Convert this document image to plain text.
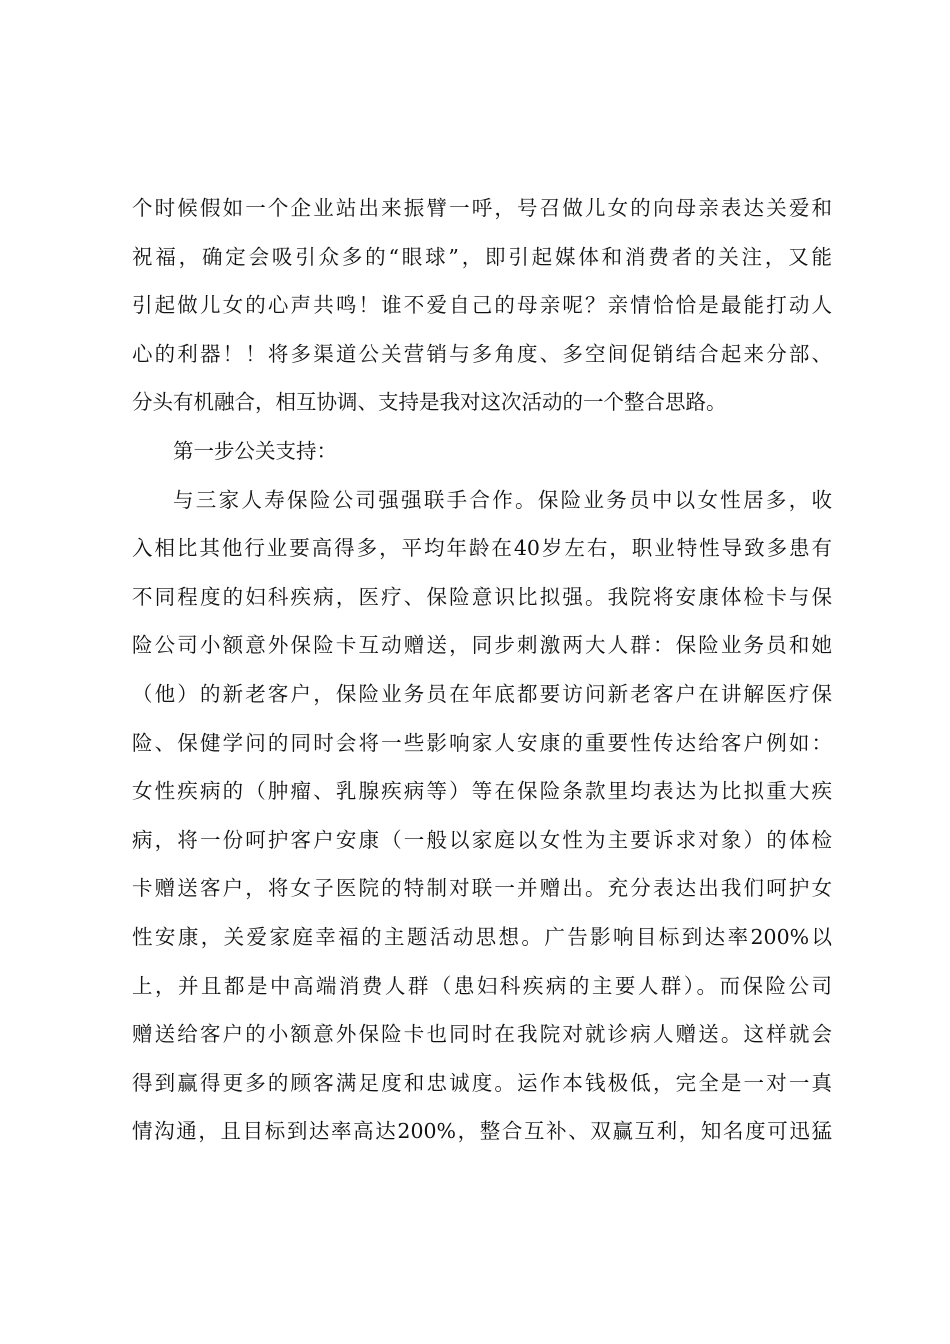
个时候假如一个企业站出来振臂一呼，号召做儿女的向母亲表达关爱和
祝福，确定会吸引众多的“眼球”，即引起媒体和消费者的关注，又能
引起做儿女的心声共鸣！谁不爱自己的母亲呢？亲情恰恰是最能打动人
心的利器！！将多渠道公关营销与多角度、多空间促销结合起来分部、
分头有机融合，相互协调、支持是我对这次活动的一个整合思路。
第一步公关支持：
与三家人寿保险公司强强联手合作。保险业务员中以女性居多，收
入相比其他行业要高得多，平均年龄在40岁左右，职业特性导致多患有
不同程度的妇科疾病，医疗、保险意识比拟强。我院将安康体检卡与保
险公司小额意外保险卡互动赠送，同步刺激两大人群：保险业务员和她
（他）的新老客户，保险业务员在年底都要访问新老客户在讲解医疗保
险、保健学问的同时会将一些影响家人安康的重要性传达给客户例如：
女性疾病的（肿瘤、乳腺疾病等）等在保险条款里均表达为比拟重大疾
病，将一份呵护客户安康（一般以家庭以女性为主要诉求对象）的体检
卡赠送客户，将女子医院的特制对联一并赠出。充分表达出我们呵护女
性安康，关爱家庭幸福的主题活动思想。广告影响目标到达率200%以
上，并且都是中高端消费人群（患妇科疾病的主要人群）。而保险公司
赠送给客户的小额意外保险卡也同时在我院对就诊病人赠送。这样就会
得到赢得更多的顾客满足度和忠诚度。运作本钱极低，完全是一对一真
情沟通，且目标到达率高达200%，整合互补、双赢互利，知名度可迅猛
